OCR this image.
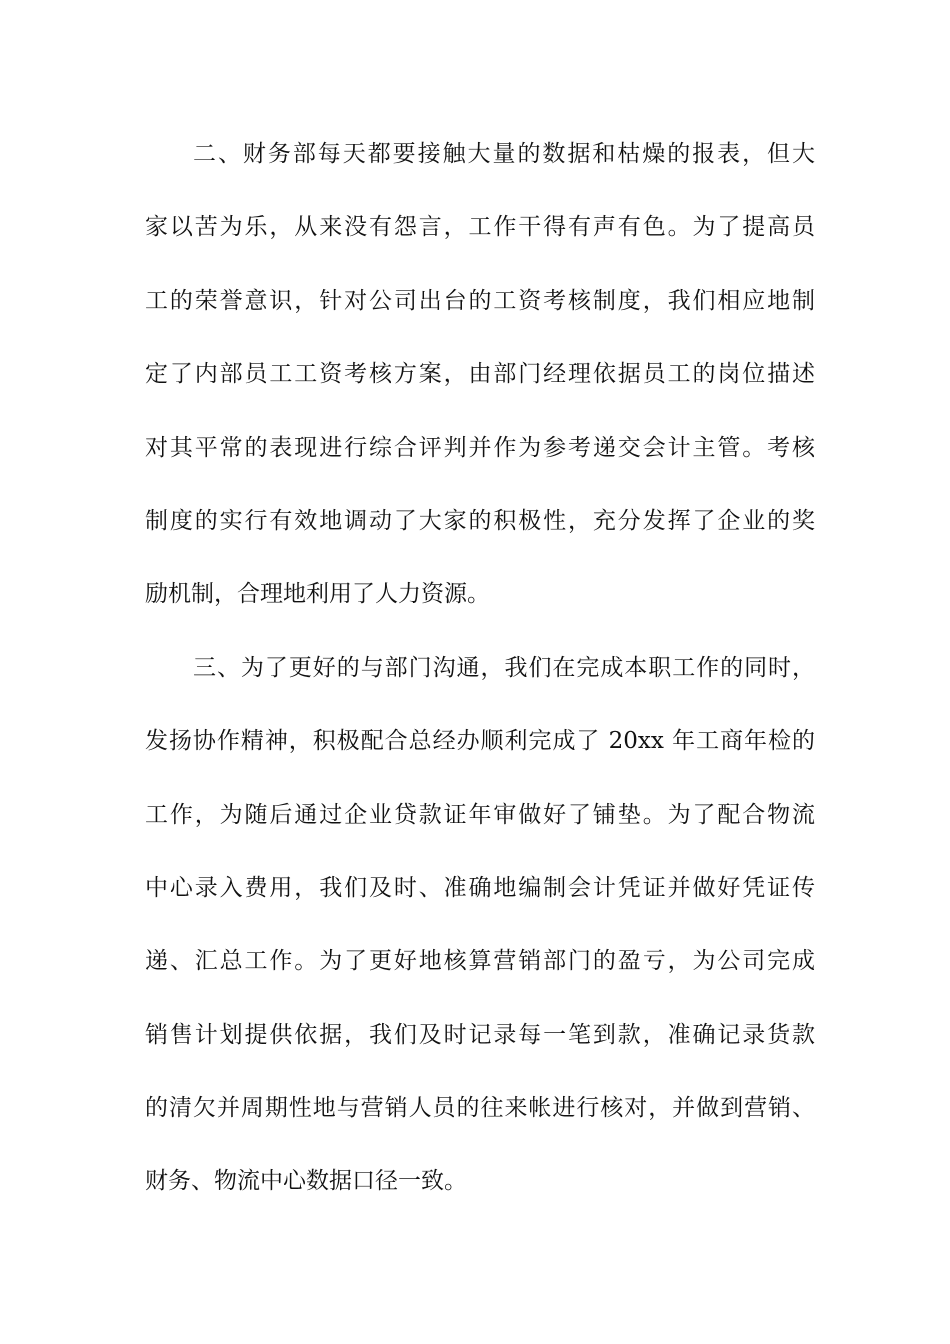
二、财务部每天都要接触大量的数据和枯燥的报表，但大
家以苦为乐，从来没有怨言，工作干得有声有色。为了提高员
工的荣誉意识，针对公司出台的工资考核制度，我们相应地制
定了内部员工工资考核方案，由部门经理依据员工的岗位描述
对其平常的表现进行综合评判并作为参考递交会计主管。考核
制度的实行有效地调动了大家的积极性，充分发挥了企业的奖
励机制，合理地利用了人力资源。
三、为了更好的与部门沟通，我们在完成本职工作的同时，
发扬协作精神，积极配合总经办顺利完成了 20xx 年工商年检的
工作，为随后通过企业贷款证年审做好了铺垫。为了配合物流
中心录入费用，我们及时、准确地编制会计凭证并做好凭证传
递、汇总工作。为了更好地核算营销部门的盈亏，为公司完成
销售计划提供依据，我们及时记录每一笔到款，准确记录货款
的清欠并周期性地与营销人员的往来帐进行核对，并做到营销、
财务、物流中心数据口径一致。
